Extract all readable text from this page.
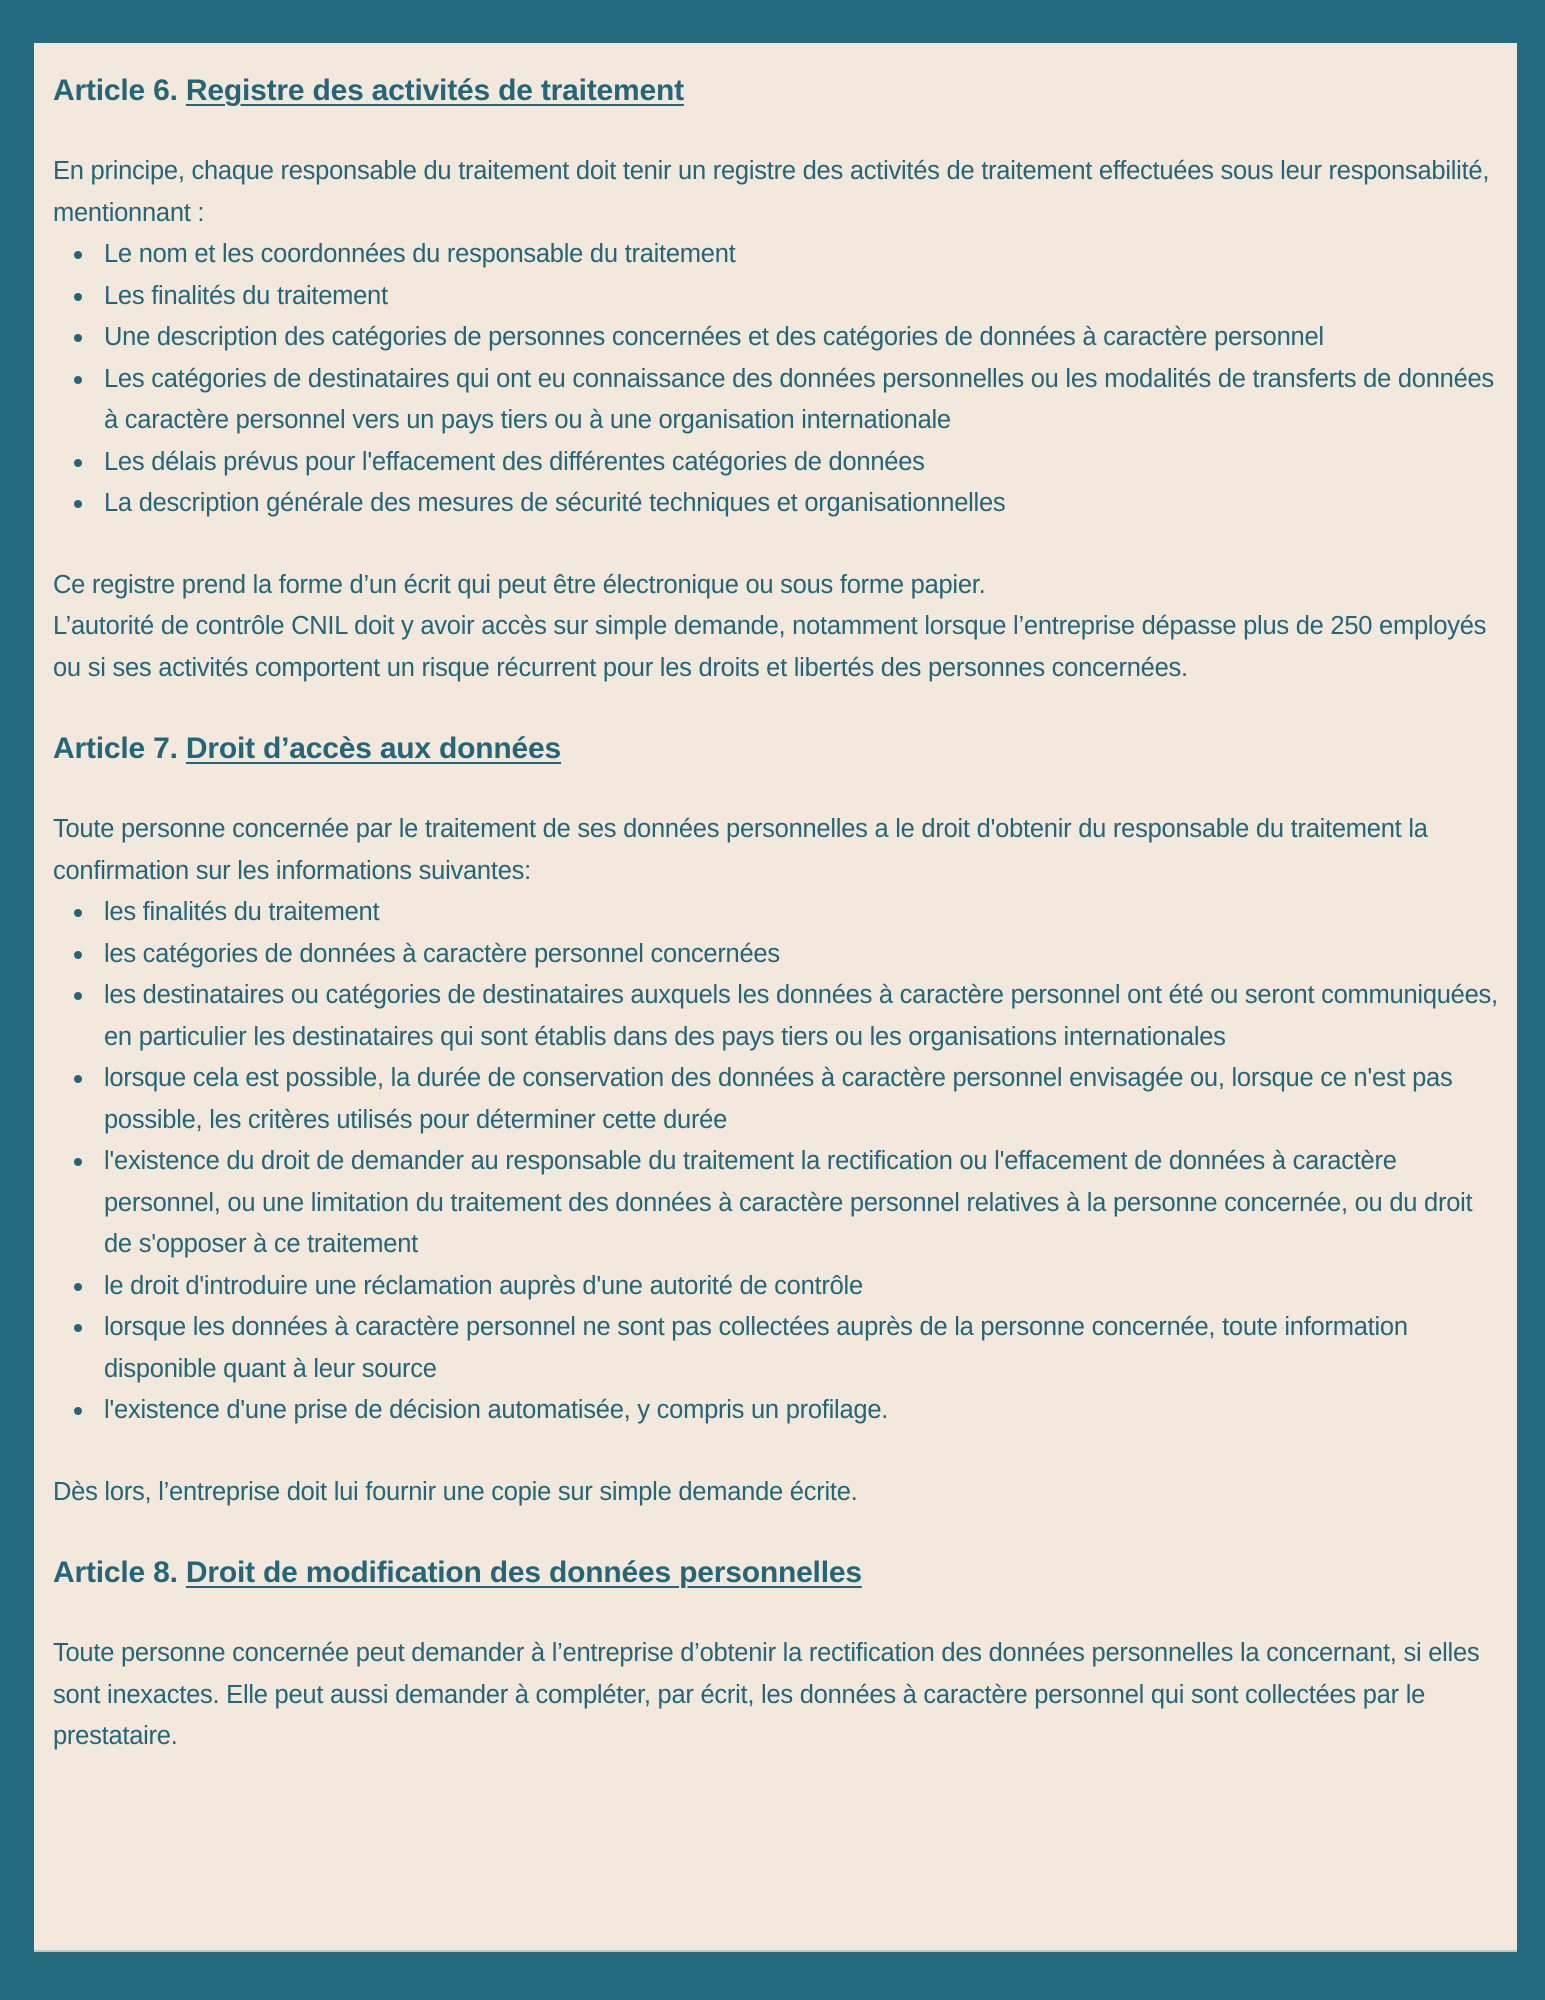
Article 6. Registre des activités de traitement

En principe, chaque responsable du traitement doit tenir un registre des activités de traitement effectuées sous leur responsabilité, mentionnant :

Le nom et les coordonnées du responsable du traitement
Les finalités du traitement
Une description des catégories de personnes concernées et des catégories de données à caractère personnel
Les catégories de destinataires qui ont eu connaissance des données personnelles ou les modalités de transferts de données à caractère personnel vers un pays tiers ou à une organisation internationale
Les délais prévus pour l'effacement des différentes catégories de données
La description générale des mesures de sécurité techniques et organisationnelles

Ce registre prend la forme d’un écrit qui peut être électronique ou sous forme papier.

L’autorité de contrôle CNIL doit y avoir accès sur simple demande, notamment lorsque l’entreprise dépasse plus de 250 employés ou si ses activités comportent un risque récurrent pour les droits et libertés des personnes concernées.

Article 7. Droit d’accès aux données

Toute personne concernée par le traitement de ses données personnelles a le droit d'obtenir du responsable du traitement la confirmation sur les informations suivantes:

les finalités du traitement
les catégories de données à caractère personnel concernées
les destinataires ou catégories de destinataires auxquels les données à caractère personnel ont été ou seront communiquées, en particulier les destinataires qui sont établis dans des pays tiers ou les organisations internationales
lorsque cela est possible, la durée de conservation des données à caractère personnel envisagée ou, lorsque ce n'est pas possible, les critères utilisés pour déterminer cette durée
l'existence du droit de demander au responsable du traitement la rectification ou l'effacement de données à caractère personnel, ou une limitation du traitement des données à caractère personnel relatives à la personne concernée, ou du droit de s'opposer à ce traitement
le droit d'introduire une réclamation auprès d'une autorité de contrôle
lorsque les données à caractère personnel ne sont pas collectées auprès de la personne concernée, toute information disponible quant à leur source
l'existence d'une prise de décision automatisée, y compris un profilage.

Dès lors, l’entreprise doit lui fournir une copie sur simple demande écrite.

Article 8. Droit de modification des données personnelles

Toute personne concernée peut demander à l’entreprise d’obtenir la rectification des données personnelles la concernant, si elles sont inexactes. Elle peut aussi demander à compléter, par écrit, les données à caractère personnel qui sont collectées par le prestataire.
